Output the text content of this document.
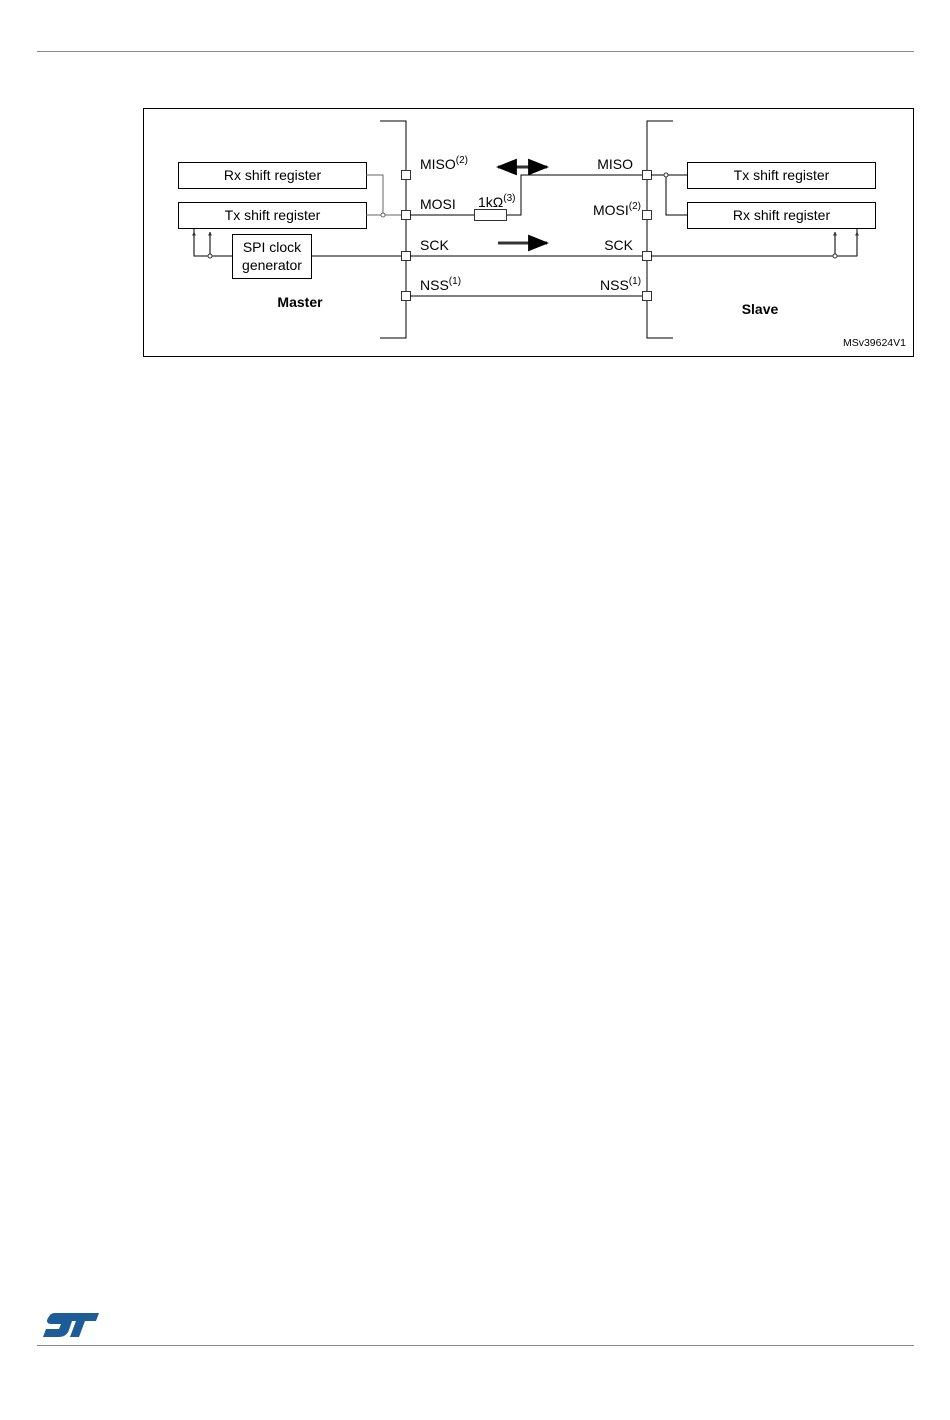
Rx shift register
Tx shift register
SPI clock
generator
MISO$^{(2)}$
MOSI
SCK
NSS$^{(1)}$
Master
$1k\Omega^{(3)}$
MISO
MOSI$^{(2)}$
SCK
NSS$^{(1)}$
Tx shift register
Rx shift register
Slave
MSv39624V1
